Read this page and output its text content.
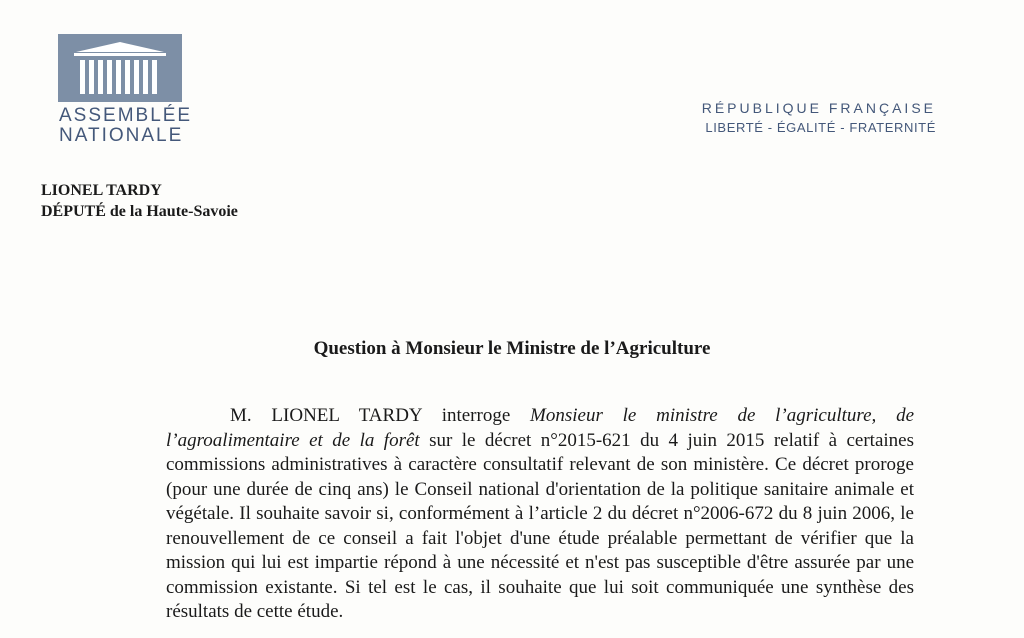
ASSEMBLÉE
NATIONALE
RÉPUBLIQUE FRANÇAISE
LIBERTÉ - ÉGALITÉ - FRATERNITÉ
LIONEL TARDY
DÉPUTÉ de la Haute-Savoie
Question à Monsieur le Ministre de l’Agriculture

M. LIONEL TARDY interroge Monsieur le ministre de l’agriculture, de l’agroalimentaire et de la forêt sur le décret n°2015-621 du 4 juin 2015 relatif à certaines commissions administratives à caractère consultatif relevant de son ministère. Ce décret proroge (pour une durée de cinq ans) le Conseil national d'orientation de la politique sanitaire animale et végétale. Il souhaite savoir si, conformément à l’article 2 du décret n°2006-672 du 8 juin 2006, le renouvellement de ce conseil a fait l'objet d'une étude préalable permettant de vérifier que la mission qui lui est impartie répond à une nécessité et n'est pas susceptible d'être assurée par une commission existante. Si tel est le cas, il souhaite que lui soit communiquée une synthèse des résultats de cette étude.
